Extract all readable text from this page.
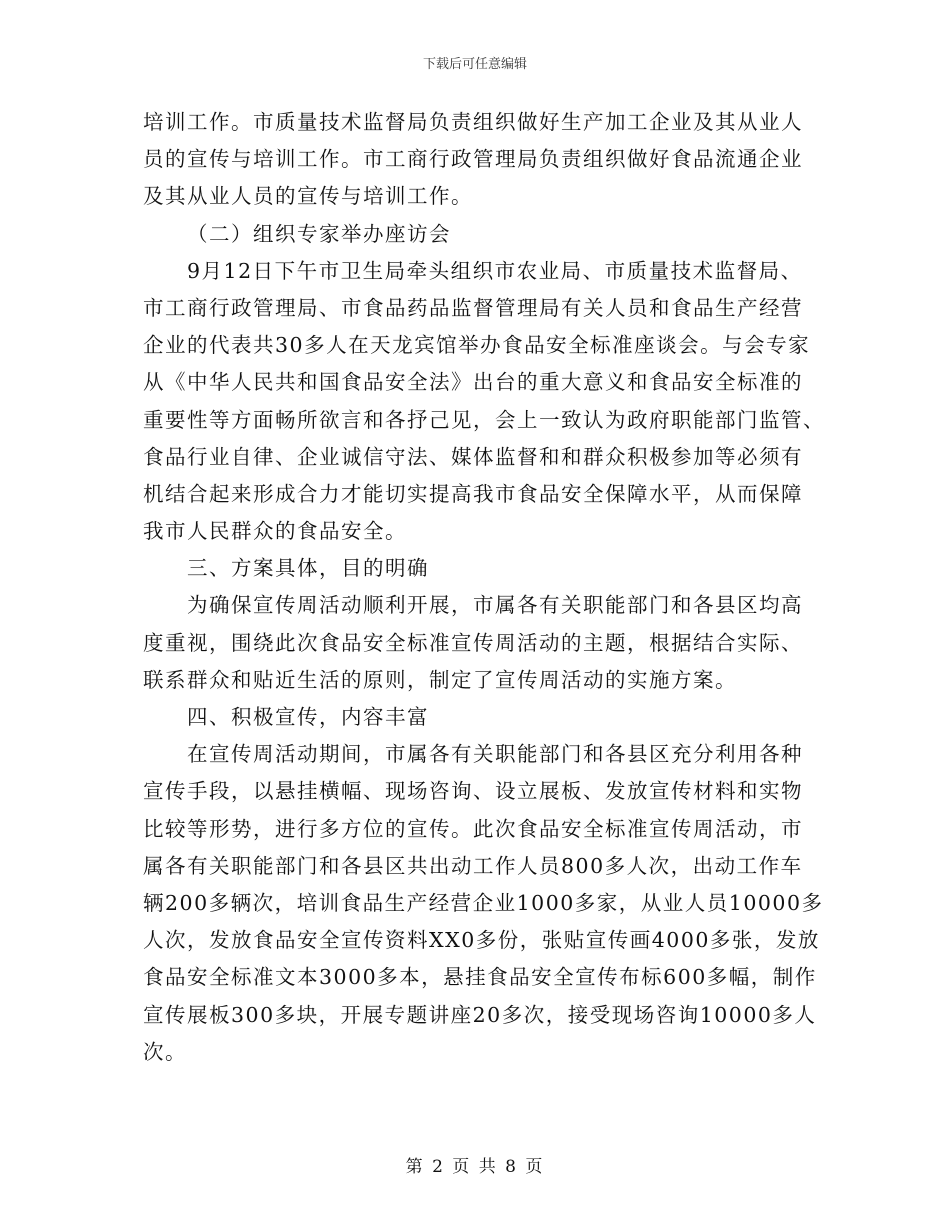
下载后可任意编辑
培训工作。市质量技术监督局负责组织做好生产加工企业及其从业人
员的宣传与培训工作。市工商行政管理局负责组织做好食品流通企业
及其从业人员的宣传与培训工作。
（二）组织专家举办座访会
9月12日下午市卫生局牵头组织市农业局、市质量技术监督局、
市工商行政管理局、市食品药品监督管理局有关人员和食品生产经营
企业的代表共30多人在天龙宾馆举办食品安全标准座谈会。与会专家
从《中华人民共和国食品安全法》出台的重大意义和食品安全标准的
重要性等方面畅所欲言和各抒己见，会上一致认为政府职能部门监管、
食品行业自律、企业诚信守法、媒体监督和和群众积极参加等必须有
机结合起来形成合力才能切实提高我市食品安全保障水平，从而保障
我市人民群众的食品安全。
三、方案具体，目的明确
为确保宣传周活动顺利开展，市属各有关职能部门和各县区均高
度重视，围绕此次食品安全标准宣传周活动的主题，根据结合实际、
联系群众和贴近生活的原则，制定了宣传周活动的实施方案。
四、积极宣传，内容丰富
在宣传周活动期间，市属各有关职能部门和各县区充分利用各种
宣传手段，以悬挂横幅、现场咨询、设立展板、发放宣传材料和实物
比较等形势，进行多方位的宣传。此次食品安全标准宣传周活动，市
属各有关职能部门和各县区共出动工作人员800多人次，出动工作车
辆200多辆次，培训食品生产经营企业1000多家，从业人员10000多
人次，发放食品安全宣传资料XX0多份，张贴宣传画4000多张，发放
食品安全标准文本3000多本，悬挂食品安全宣传布标600多幅，制作
宣传展板300多块，开展专题讲座20多次，接受现场咨询10000多人
次。
第 2 页 共 8 页
